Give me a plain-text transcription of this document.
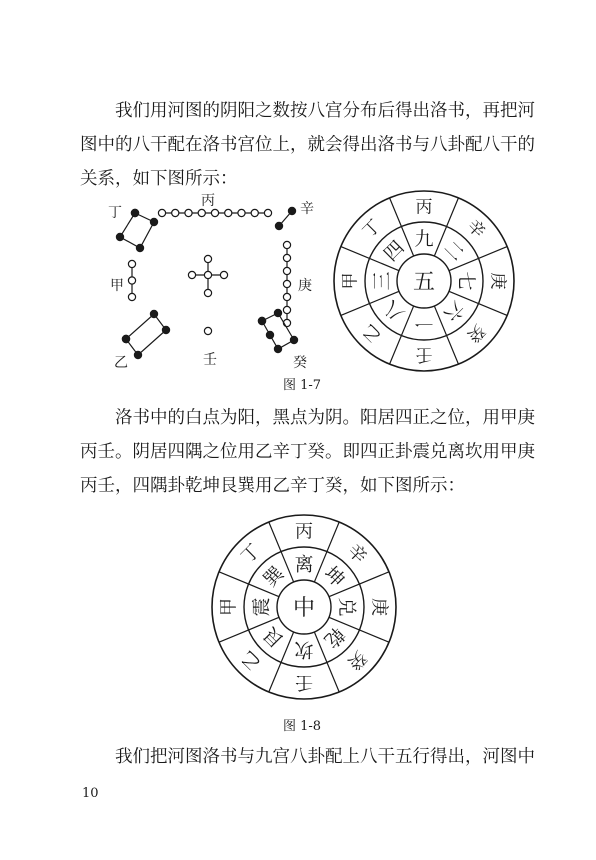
我们用河图的阴阳之数按八宫分布后得出洛书，再把河
图中的八干配在洛书宫位上，就会得出洛书与八卦配八干的
关系，如下图所示：

丁
丙	辛
甲	庚
乙	壬	癸
五
九 二
七
六
一
八
三
四
丙
辛
庚
癸
壬
乙
甲
丁
图 1-7

洛书中的白点为阳，黑点为阴。阳居四正之位，用甲庚
丙壬。阴居四隅之位用乙辛丁癸。即四正卦震兑离坎用甲庚
丙壬，四隅卦乾坤艮巽用乙辛丁癸，如下图所示：

中
离 坤
兑
乾
坎
艮
震
巽
丙
辛
庚
癸
壬
乙
甲
丁
图 1-8

我们把河图洛书与九宫八卦配上八干五行得出，河图中

10
